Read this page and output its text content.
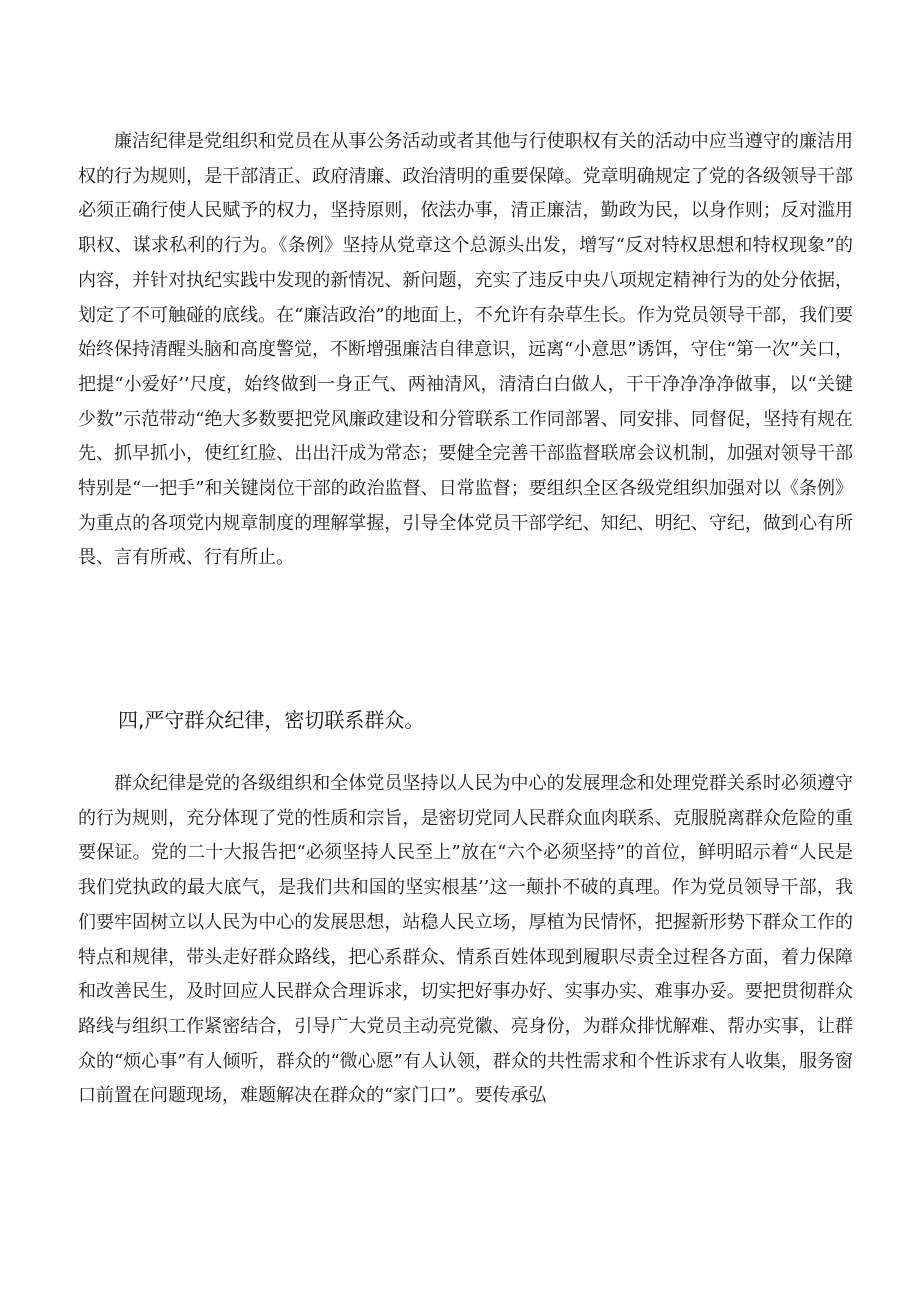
廉洁纪律是党组织和党员在从事公务活动或者其他与行使职权有关的活动中应当遵守的廉洁用权的行为规则，是干部清正、政府清廉、政治清明的重要保障。党章明确规定了党的各级领导干部必须正确行使人民赋予的权力，坚持原则，依法办事，清正廉洁，勤政为民，以身作则；反对滥用职权、谋求私利的行为。《条例》坚持从党章这个总源头出发，增写“反对特权思想和特权现象”的内容，并针对执纪实践中发现的新情况、新问题，充实了违反中央八项规定精神行为的处分依据，划定了不可触碰的底线。在“廉洁政治”的地面上，不允许有杂草生长。作为党员领导干部，我们要始终保持清醒头脑和高度警觉，不断增强廉洁自律意识，远离“小意思”诱饵，守住“第一次”关口，把提“小爱好’’尺度，始终做到一身正气、两袖清风，清清白白做人，干干净净净净做事，以“关键少数”示范带动“绝大多数要把党风廉政建设和分管联系工作同部署、同安排、同督促，坚持有规在先、抓早抓小，使红红脸、出出汗成为常态；要健全完善干部监督联席会议机制，加强对领导干部特别是“一把手”和关键岗位干部的政治监督、日常监督；要组织全区各级党组织加强对以《条例》为重点的各项党内规章制度的理解掌握，引导全体党员干部学纪、知纪、明纪、守纪，做到心有所畏、言有所戒、行有所止。

四,严守群众纪律，密切联系群众。

群众纪律是党的各级组织和全体党员坚持以人民为中心的发展理念和处理党群关系时必须遵守的行为规则，充分体现了党的性质和宗旨，是密切党同人民群众血肉联系、克服脱离群众危险的重要保证。党的二十大报告把“必须坚持人民至上”放在“六个必须坚持”的首位，鲜明昭示着“人民是我们党执政的最大底气，是我们共和国的坚实根基’’这一颠扑不破的真理。作为党员领导干部，我们要牢固树立以人民为中心的发展思想，站稳人民立场，厚植为民情怀，把握新形势下群众工作的特点和规律，带头走好群众路线，把心系群众、情系百姓体现到履职尽责全过程各方面，着力保障和改善民生，及时回应人民群众合理诉求，切实把好事办好、实事办实、难事办妥。要把贯彻群众路线与组织工作紧密结合，引导广大党员主动亮党徽、亮身份，为群众排忧解难、帮办实事，让群众的“烦心事”有人倾听，群众的“微心愿”有人认领，群众的共性需求和个性诉求有人收集，服务窗口前置在问题现场，难题解决在群众的“家门口”。要传承弘
